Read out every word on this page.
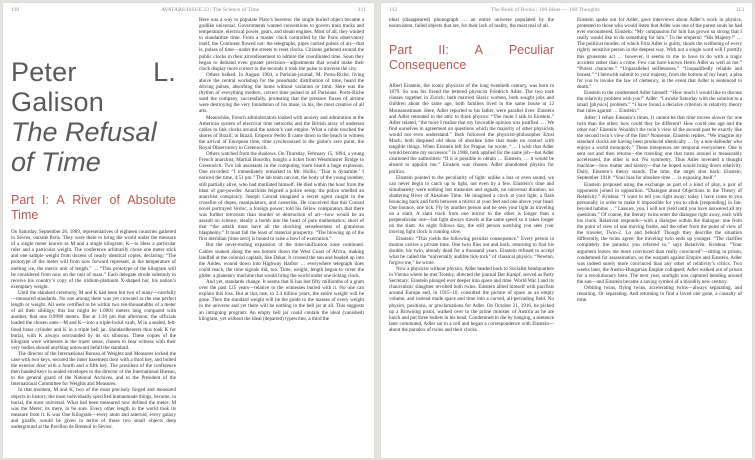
110	AVATARS/ISSUE 23 | The Science of Time	111
Peter L. Galison
The Refusal
of Time
Part I: A River of Absolute Time

On Saturday, September 26, 1889, representatives of eighteen countries gathered in Sèvres, outside Paris. They were there to bring the world under the measure of a single meter known as M and a single kilogram, K—to bless a particular ruler and a particular weight. The conference arbitrarily chose one meter stick and one sample weight from dozens of nearly identical copies, declaring: “The prototype of the meter will from now forward represent, at the temperature of melting ice, the metric unit of length.” … “This prototype of the kilogram will be considered from now on the unit of mass.” Each delegate strode solemnly to receive his country’s copy of the iridium-platinum X-shaped bar, his nation’s exemplary weight.

Until the standard ceremony, M and K had been but two of many—carefully—measured standards. No one among them was yet crowned as the one perfect length or weight. All were certified to be within two ten-thousandths of a meter of all their siblings; this bar might be 1.0001 meters long compared with another, that one 0.9998 meters. But at 1:30 pm that afternoon, the officials loaded the chosen ones—M and K—into a triple-lockd vault, M in a sealed, felt-lined brass cylinder and K in a triple bell jar. Standardbearers thus took K for burial, with K always surrounded by its six sibosins. These copies of the kilogram were witnesses in the truest sense, chosen to bear witness with their very bodies should anything untoward befall the standard.

The director of the International Bureau of Weights and Measures locked the case with two keys, secured the inner basement door with a third key, and bolted the exterior door with a fourth and a fifth key. The president of the conference then handed keys in sealed envelopes to the director of the International Bureau, to the general guard of the National Archives, and to the President of the International Committee for Weights and Measures.

In that moment, M and K, two of the most precisely forged and measured objects in history, the most individually specified humanmade things, became, in burial, the most universal. What had been measured now defined the meter: M was the Meter; its mere, to be sure. Every other length in the world took its measure from it. K was One Kilogram—every atom and asteroid, every galaxy and giraffe, would be given in terms of those two small objects deep underground at the Pavillon de Breteuil in Sèvres.

Here was a way to populate Plato’s heavens: the single buried object became a godlike universal. Governments wanted conventions to govern train tracks and temperature, electrical power, gears, and steam engines. Most of all, they wanted to standardize time. From a master clock controlled by the Paris observatory itself, the Continent flowed out: the telegraphs, pipes carried pulses of air—that is, pulses of time—under the streets to reset clocks. Citizens gathered around the public clocks in their arrondissement to admire the coordinated time. Soon they began to demand even greater precision—adjustments that would make their clock display more correct to the seconds it took the pulse to traverse the city.

Others balked. In August 1904, a Parisian-journal, M. Porto-Riche, living above the central workshop for the pneumatic distribution of time, heard the driving pulses, absorbing the hums without variation or limit. Here was the rhythm of everything modern, correct time pulsed to all Parisians. Porto-Riche sued the company, successfully, protesting that the pressure fluxes of airtime were destroying the very foundation of his muse, in his, the most creative of all arts.

Meanwhile, French administrators looked with anxiety and admiration at the American system of electrical time networks and the British array of undersea cables to link clocks around the nation’s vast empire. What a cable touched the shores of Brazil; in Brazil, Emperor Pedro II came down to the beach to witness the arrival of European time, time synchronized to the globe’s zero point, the Royal Observatory in Greenwich.

Others watched from the shadows. On Thursday, February 15, 1894, a young French anarchist, Martial Bourdin, bought a ticket from Westminster Bridge to Greenwich. Two lab assistants in the computing room heard a huge explosion. One recorded: “I immediately remarked to Mr. Hollis, ‘That is dynamite.’ I noticed the time, 4:51 pm.” The lab team ran out, the body of the young bomber, still partially alive, who had mutilated himself. He died within the hour from the blast of gun-powder. Anarchists feigned a police setup; the police smelled an anarchist conspiracy. Joseph Conrad imagined a secret agent caught in the crossfire of dupes, manipulators, and careerists. He conceived that this Conrad novel portrayed Verloc, a foreign power; told his fellow conspirators that there was further terrorism than murder or destruction of art—how would be an assault on science, ideally a bomb into the heart of pure mathematics; short of that “the attack must have all the shocking senselessness of gratuitous blasphemy.” It must fall the least of material prosperity. “The blowing up of the first meridian [time zero] is bound to raise a howl of execration.”

But the never-ending expansion of the time-unification zone continued. Cables snaked along the sea bottom down the West Coast of Africa, making landfall at the colonial capitals, like Dakar. It crossed the sun and headed up into the Andes, wound down into Highway Harbor … everywhere telegraph lines could reach, the time signals did, too. Time, weight, length began to cover the globe: a planetary machine that would bring the world under one ticking clock.

And yet, standards change. It seems that K has lost fifty millionths of a gram over the past 125 years—relative to the witnesses buried with it. No one can explain this loss. But at this rate, in 2.4 billion years, the entire weight will be gone. Then the standard weight will be the guide to the masses of every weight in the universe and yet there will be nothing in the bell jar at all. This suggests an intriguing program: An empty bell jar could contain the ideal (vanished) kilogram, yet without the ideal (departed) typewriter, a third the

112	The Book of Books | 100 Ideas — 100 Thoughts	113

ideal (disappeared) phonograph … an entire universe populated by the nonexistent, failed objects that are, for their lack of reality, the most real of all.

Part II: A Peculiar Consequence

Albert Einstein, the iconic physicist of the long twentieth century, was born in 1879. So was his friend the lettered physicist Friedrich Adler. The two took classes together in Zurich; both married Slavic women, both sought jobs and children about the same age, both families lived in the same house at 12 Moussonstrasse. Here, Adler reported to his father, were parallel lives: Einstein and Adler retreated to the attic to think physics: “The more I talk to Einstein,” Adler related, “the more I realize that my favorable opinion was justified. … We find ourselves in agreement on questions which the majority of other physicists would not even understand.” Both followed the physicist-philosopher Ernst Mach; both despised old ideas of absolute time that made no contact with tangible things. When Einstein left for Prague, he wrote, “… I wish that Adler would become my successor.” In 1908, both applied for the same job—but Adler cautioned the authorities: “If it is possible to obtain … Einstein, … it would be absurd to appoint me.” Einstein was chosen. Adler abandoned physics for politics.

Einstein pointed to the peculiarity of light: unlike a bus or even sound, we can never begin to catch up to light, not even by a few. Einstein’s time and simultaneity were nothing but measures and signals, no universal duration, no shattering River of Absolute Time. He imagined a clock at your light, a flash bouncing back and forth between a mirror at your feet and one above your head. One bounce, one tick. Fly by another person and he sees your light as traveling on a slant. A slant track from one mirror to the other is longer than a perpendicular one—but light always travels at the same speed so it takes longer on the slant. As night follows day, the still person watching you sees your moving light clock is running slow.

Einstein: “This yields the following peculiar consequence.” Every person in motion carries a private time. One twin flies out and back, returning to find his double, his twin, already dead for a thousand years. Einstein refused to accept what he called the “universally audible tick-tock” of classical physics. “Newton, forgive me,” he wrote.

Now a physicist without physics, Adler headed back to Socialist headquarters in Vienna where he met Trotsky, directed the journal Der Kampf, served as Party Secretary; Einstein plunged ever deeper into space and time. World War I and its chauvinistic slaughter revolted both twins. Einstein allied himself with pacifists around Europe and, in 1915–16, consulted the picture of space as an empty volume, and instead made space and time into a curved, all-pervading field. No physics, positions, or proclamations for Adler. On October 21, 1916, he picked up a Browning pistol, walked over to the prime minister of Austria as he ate lunch and put three bullets in his head. Condemned to die by hanging, a sentence later commuted, Adler sat in a cell and began a correspondence with Einstein—about the paradox of twins and their clocks.

Einstein spoke out for Adler, gave interviews about Adler’s work in physics, protested to those who would listen that Adler was one of the purest souls he had ever encountered. Einstein: “My compassion for him has grown so strong that I really would like to do something for him.” To the emperor: “His Majesty!” … The political murder, of which Fritz Adler is guilty, shook the wellbeing of every rightly sensitive person in the deepest way. With not a single word will I prettify this gruesome act … however, it seems to me to have to do with a tragic accident rather than a crime. Few can have known Herrn Adler as well as me.” “Purest character.” “Unparalleled selflessness.” “Unqualifiedly reliable and honest.” “I herewith submit to your majesty, from the bottom of my heart, a plea for you to invoke the law of clemency, in the event that Adler is sentenced to death.”

Einstein to the condemned Adler himself: “How much I would like to discuss the relativity problem with you!” Adler: “I awoke Saturday with the solution to a small [physics] problem.” “I have found a decisive criterion in relativity theory that rules against … Einstein.”

Adler: I refute Einstein’s times. It cannot be that time moves slower for one twin than the other; how could they be different? How could one age and the other not? Einstein: Wouldn’t the twin’s view of the second past be exactly like the second twin’s view of the first? Nonsense, Einstein replies. “We imagine my standard clocks are having been produced identically … by a non-defender who enjoys a world monopoly.” These timepieces are temporal everywhere. One is sent out and then returns—the traveling one that turns around is measurably accelerated, the other is not. No symmetry. Thus Adler invented a thought machine—how matter and history—that he hoped would bring down relativity. Daily, Einstein’s theory stands. The time, the target shot back: Einstein, September 1918: “Your bias for absolute time … is exposing itself.”

Einstein proposed using the exchange as part of a kind of play, a pair of opponents joined in opposition. “Dialogue about Objections to the Theory of Relativity.” Krishna: “I want to tell you right away: today I have come to you personally in order to make it impossible for you to slink [responding] in fan-beyond habitus …” Lassure, you, I will not yield until you have answered all my questions.” Of course, the literary twins enter the dialogue right away, each with his clock. Relativist responds—with a dialogue within the dialogue: one from the point of view of one moving frame, and the other from the point of view of the traveler, Twin-2. Lo and behold! Though they describe the situation differently, the twins agree: the traveling twin ends up younger. “The clarifies completely the paradox you referred to,” says Relativist. Krishna: “Your argument leaves me more convinced than really convinced”—sitting in prison, condemned for assassination, on the warpath against Empire and Einstein. Adler was indeed surely more convinced than any other of relativity’s critics. Two weeks later, the Austro-Hungarian Empire collapsed; Adler walked out of prison for a revolutionary hero. The next year, starlight was captured bending around the sun—and Einstein became a saving symbol of a bloodily new century.

Orbiting twins, flying twins, accelerating twins—always separating, and reuniting. Or separating. And returning to find a loved one gone, a casualty of time.
